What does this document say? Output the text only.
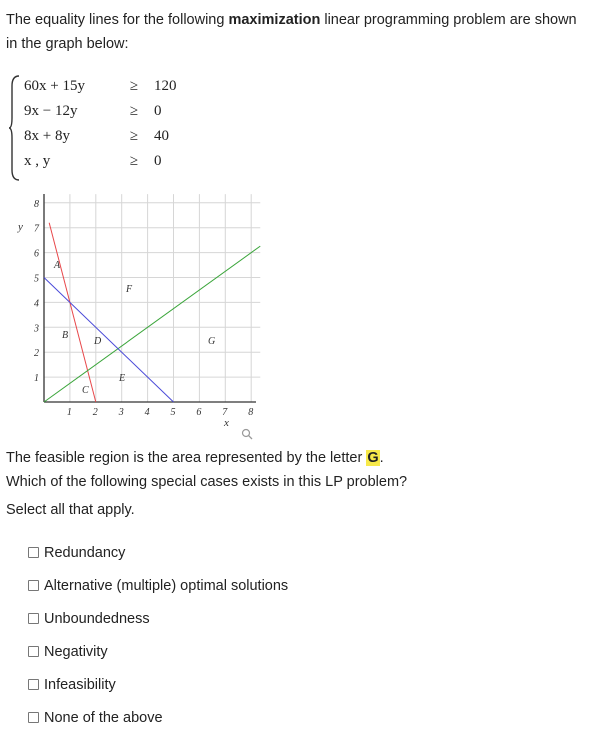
The equality lines for the following maximization linear programming problem are shown in the graph below:
60x + 15y	≥	120
9x − 12y	≥	0
8x + 8y	≥	40
x , y	≥	0
1 2 3 4 5 6 7 8
1
2
3
4
5
6
7
8
y
x
A
B
C
D
E
F
G
The feasible region is the area represented by the letter G.
Which of the following special cases exists in this LP problem?
Select all that apply.
Redundancy
Alternative (multiple) optimal solutions
Unboundedness
Negativity
Infeasibility
None of the above
